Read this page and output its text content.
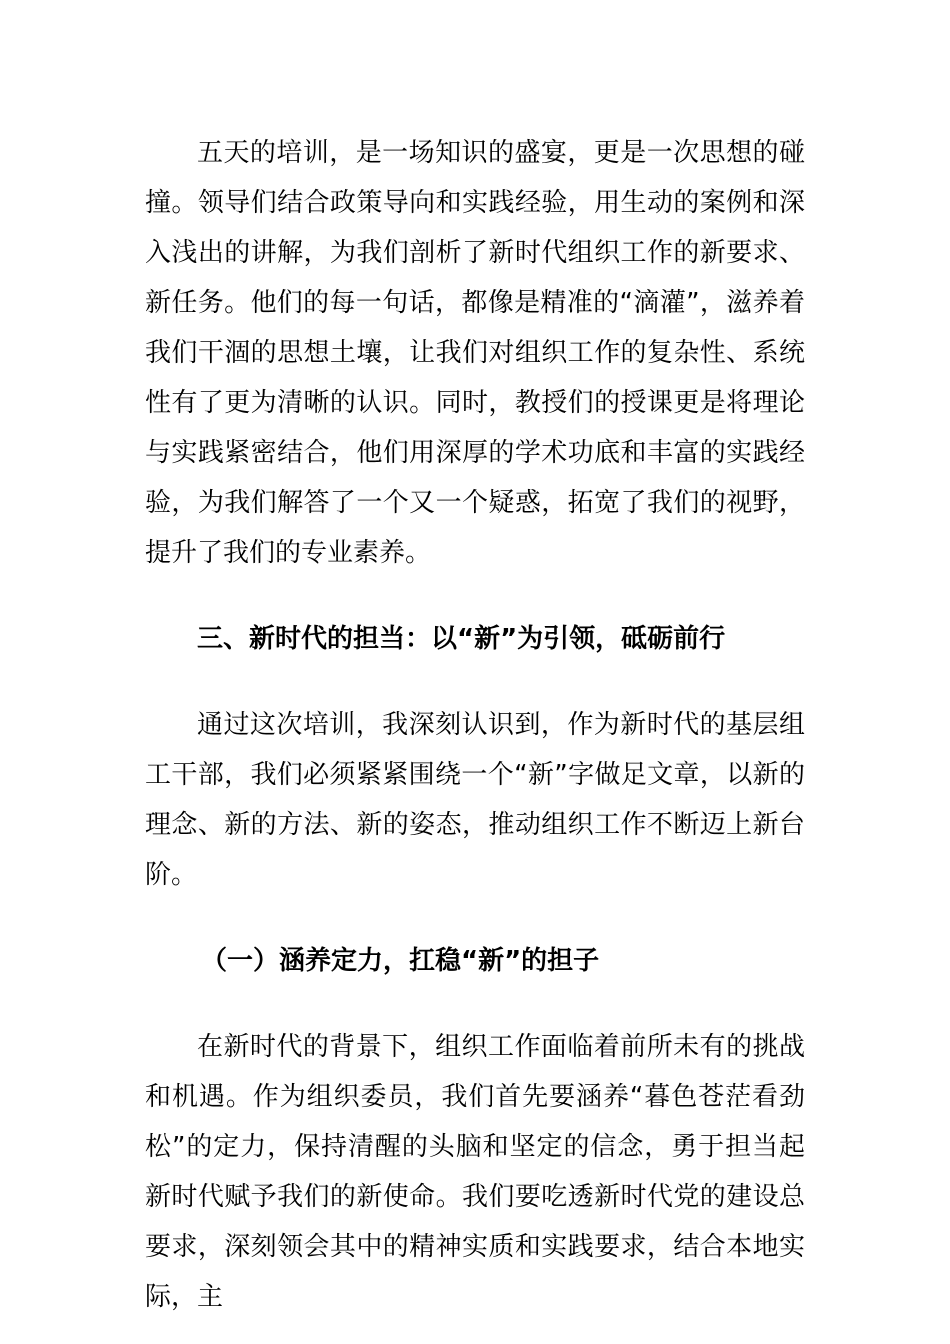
五天的培训，是一场知识的盛宴，更是一次思想的碰撞。领导们结合政策导向和实践经验，用生动的案例和深入浅出的讲解，为我们剖析了新时代组织工作的新要求、新任务。他们的每一句话，都像是精准的“滴灌”，滋养着我们干涸的思想土壤，让我们对组织工作的复杂性、系统性有了更为清晰的认识。同时，教授们的授课更是将理论与实践紧密结合，他们用深厚的学术功底和丰富的实践经验，为我们解答了一个又一个疑惑，拓宽了我们的视野，提升了我们的专业素养。

三、新时代的担当：以“新”为引领，砥砺前行

通过这次培训，我深刻认识到，作为新时代的基层组工干部，我们必须紧紧围绕一个“新”字做足文章，以新的理念、新的方法、新的姿态，推动组织工作不断迈上新台阶。

（一）涵养定力，扛稳“新”的担子

在新时代的背景下，组织工作面临着前所未有的挑战和机遇。作为组织委员，我们首先要涵养“暮色苍茫看劲松”的定力，保持清醒的头脑和坚定的信念，勇于担当起新时代赋予我们的新使命。我们要吃透新时代党的建设总要求，深刻领会其中的精神实质和实践要求，结合本地实际，主
